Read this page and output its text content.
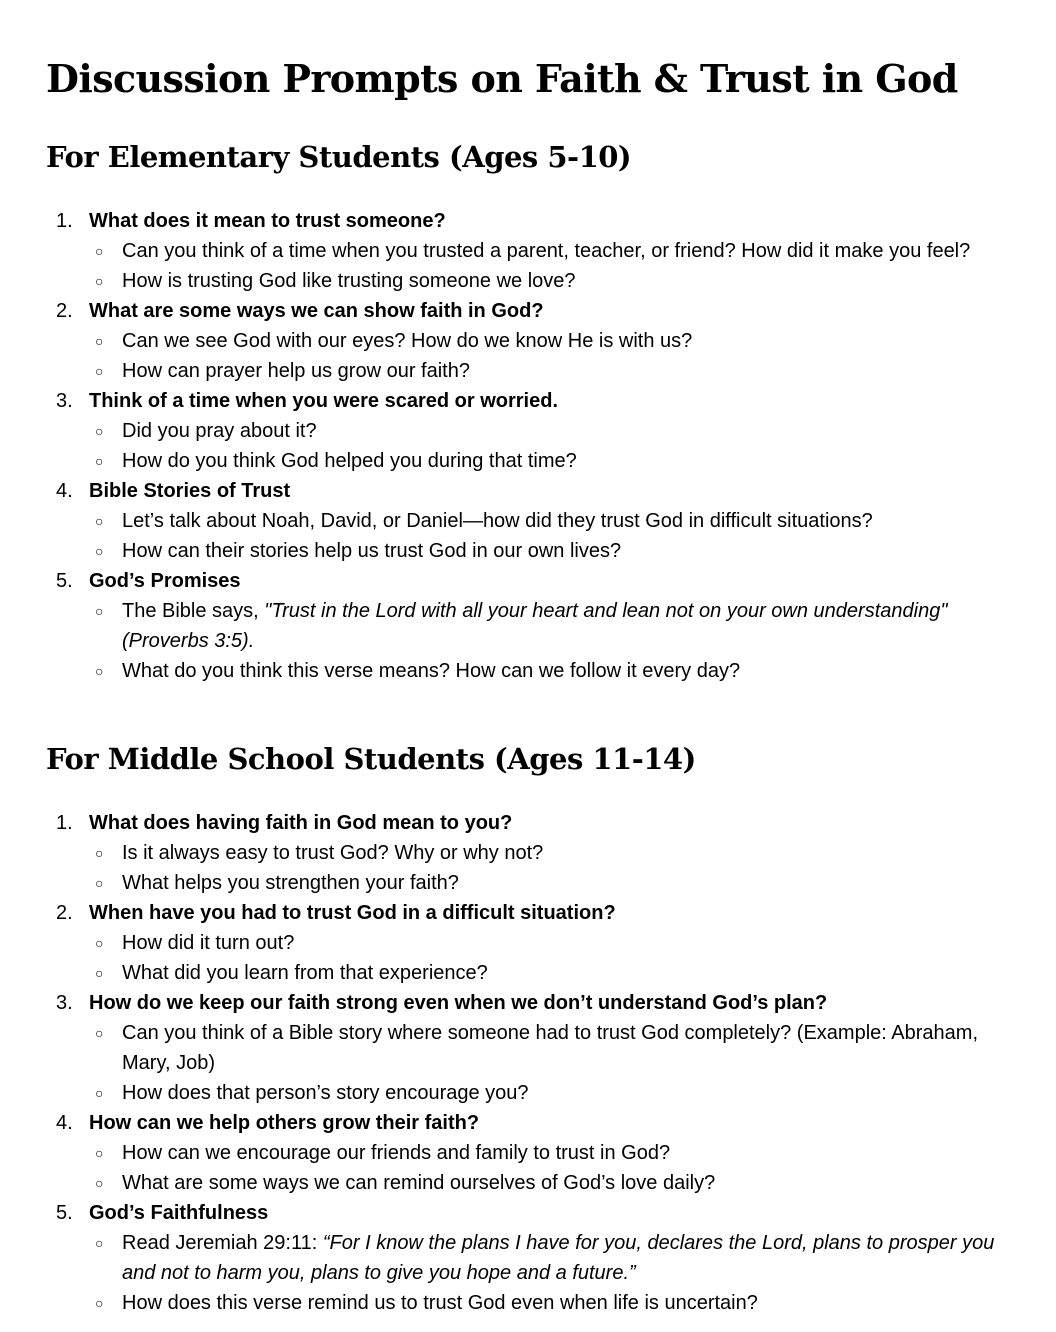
Discussion Prompts on Faith & Trust in God
For Elementary Students (Ages 5-10)
1. What does it mean to trust someone?
○ Can you think of a time when you trusted a parent, teacher, or friend? How did it make you feel?
○ How is trusting God like trusting someone we love?
2. What are some ways we can show faith in God?
○ Can we see God with our eyes? How do we know He is with us?
○ How can prayer help us grow our faith?
3. Think of a time when you were scared or worried.
○ Did you pray about it?
○ How do you think God helped you during that time?
4. Bible Stories of Trust
○ Let’s talk about Noah, David, or Daniel—how did they trust God in difficult situations?
○ How can their stories help us trust God in our own lives?
5. God’s Promises
○ The Bible says, "Trust in the Lord with all your heart and lean not on your own understanding" (Proverbs 3:5).
○ What do you think this verse means? How can we follow it every day?
For Middle School Students (Ages 11-14)
1. What does having faith in God mean to you?
○ Is it always easy to trust God? Why or why not?
○ What helps you strengthen your faith?
2. When have you had to trust God in a difficult situation?
○ How did it turn out?
○ What did you learn from that experience?
3. How do we keep our faith strong even when we don’t understand God’s plan?
○ Can you think of a Bible story where someone had to trust God completely? (Example: Abraham, Mary, Job)
○ How does that person’s story encourage you?
4. How can we help others grow their faith?
○ How can we encourage our friends and family to trust in God?
○ What are some ways we can remind ourselves of God’s love daily?
5. God’s Faithfulness
○ Read Jeremiah 29:11: “For I know the plans I have for you, declares the Lord, plans to prosper you and not to harm you, plans to give you hope and a future.”
○ How does this verse remind us to trust God even when life is uncertain?
